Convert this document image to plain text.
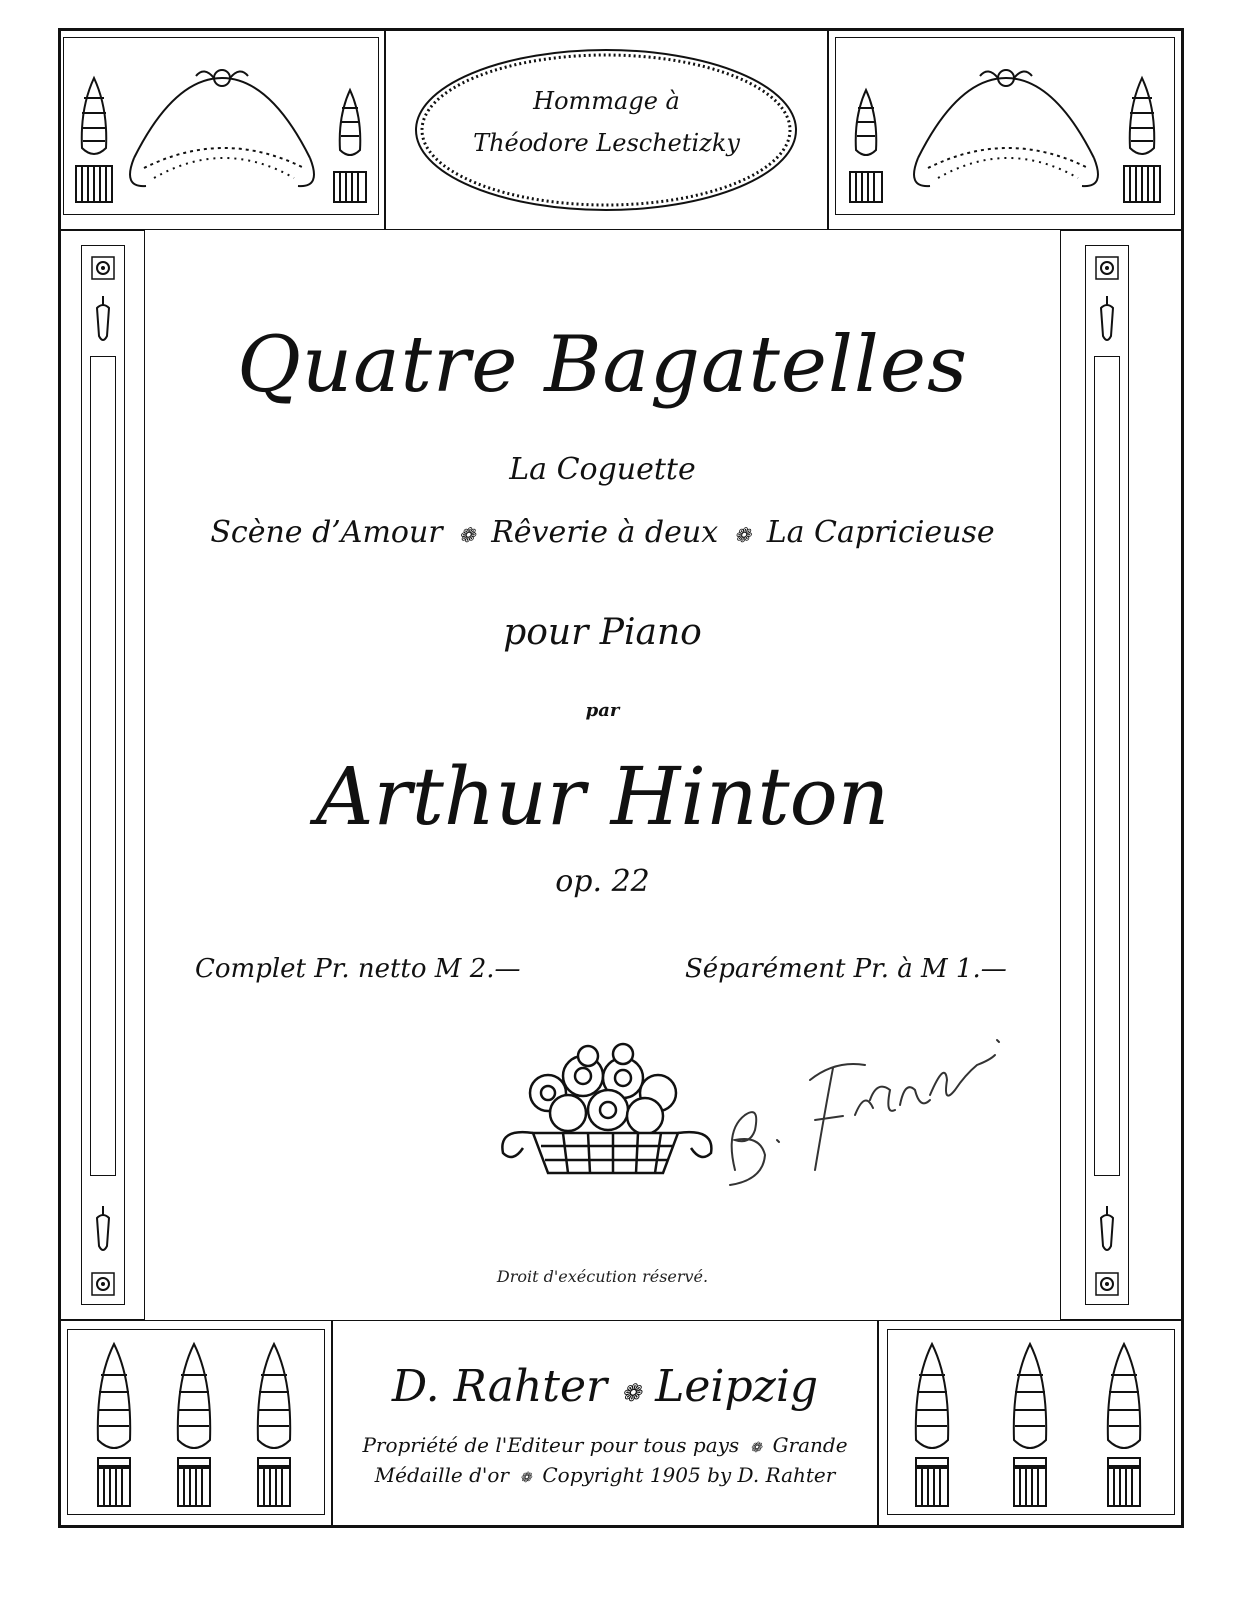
Hommage à
Théodore Leschetizky
Quatre Bagatelles
La Coguette
Scène d’Amour  ❁  Rêverie à deux  ❁  La Capricieuse
pour Piano
par
Arthur Hinton
op. 22
Complet Pr. netto M 2.—	Séparément Pr. à M 1.—
Droit d'exécution réservé.
D. Rahter ❁ Leipzig
Propriété de l'Editeur pour tous pays  ❁  Grande
Médaille d'or  ❁  Copyright 1905 by D. Rahter
